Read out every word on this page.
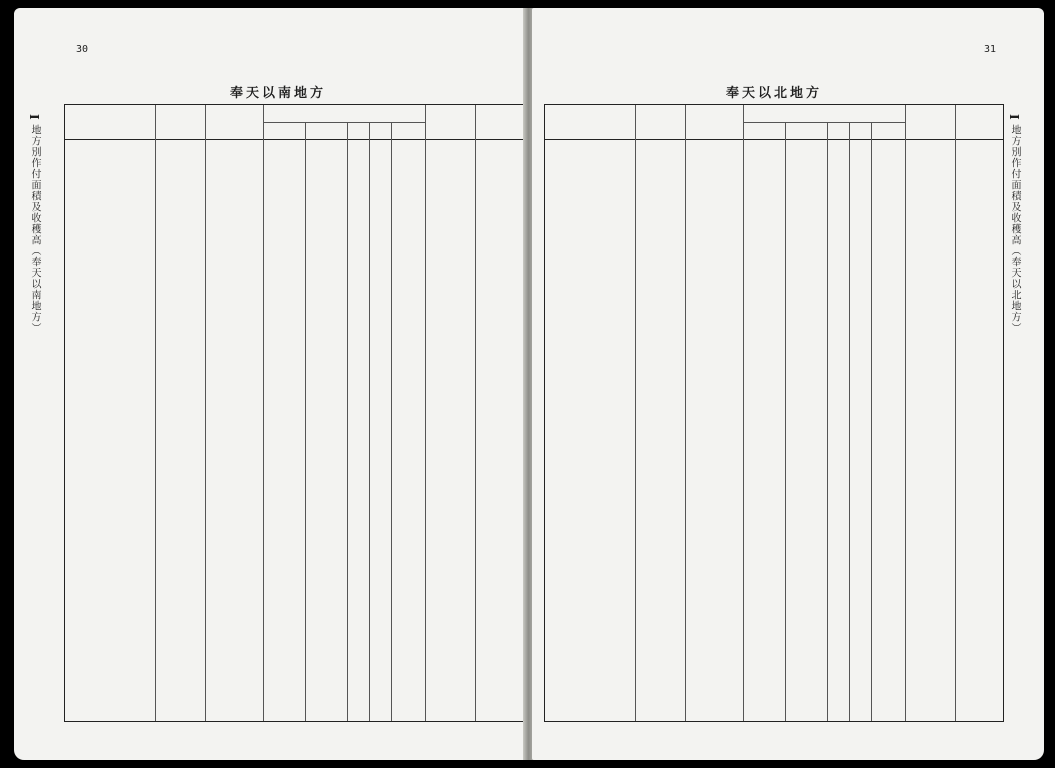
30
奉天以南地方
I 地方別作付面積及收穫高（奉天以南地方）
31
奉天以北地方
I 地方別作付面積及收穫高（奉天以北地方）
